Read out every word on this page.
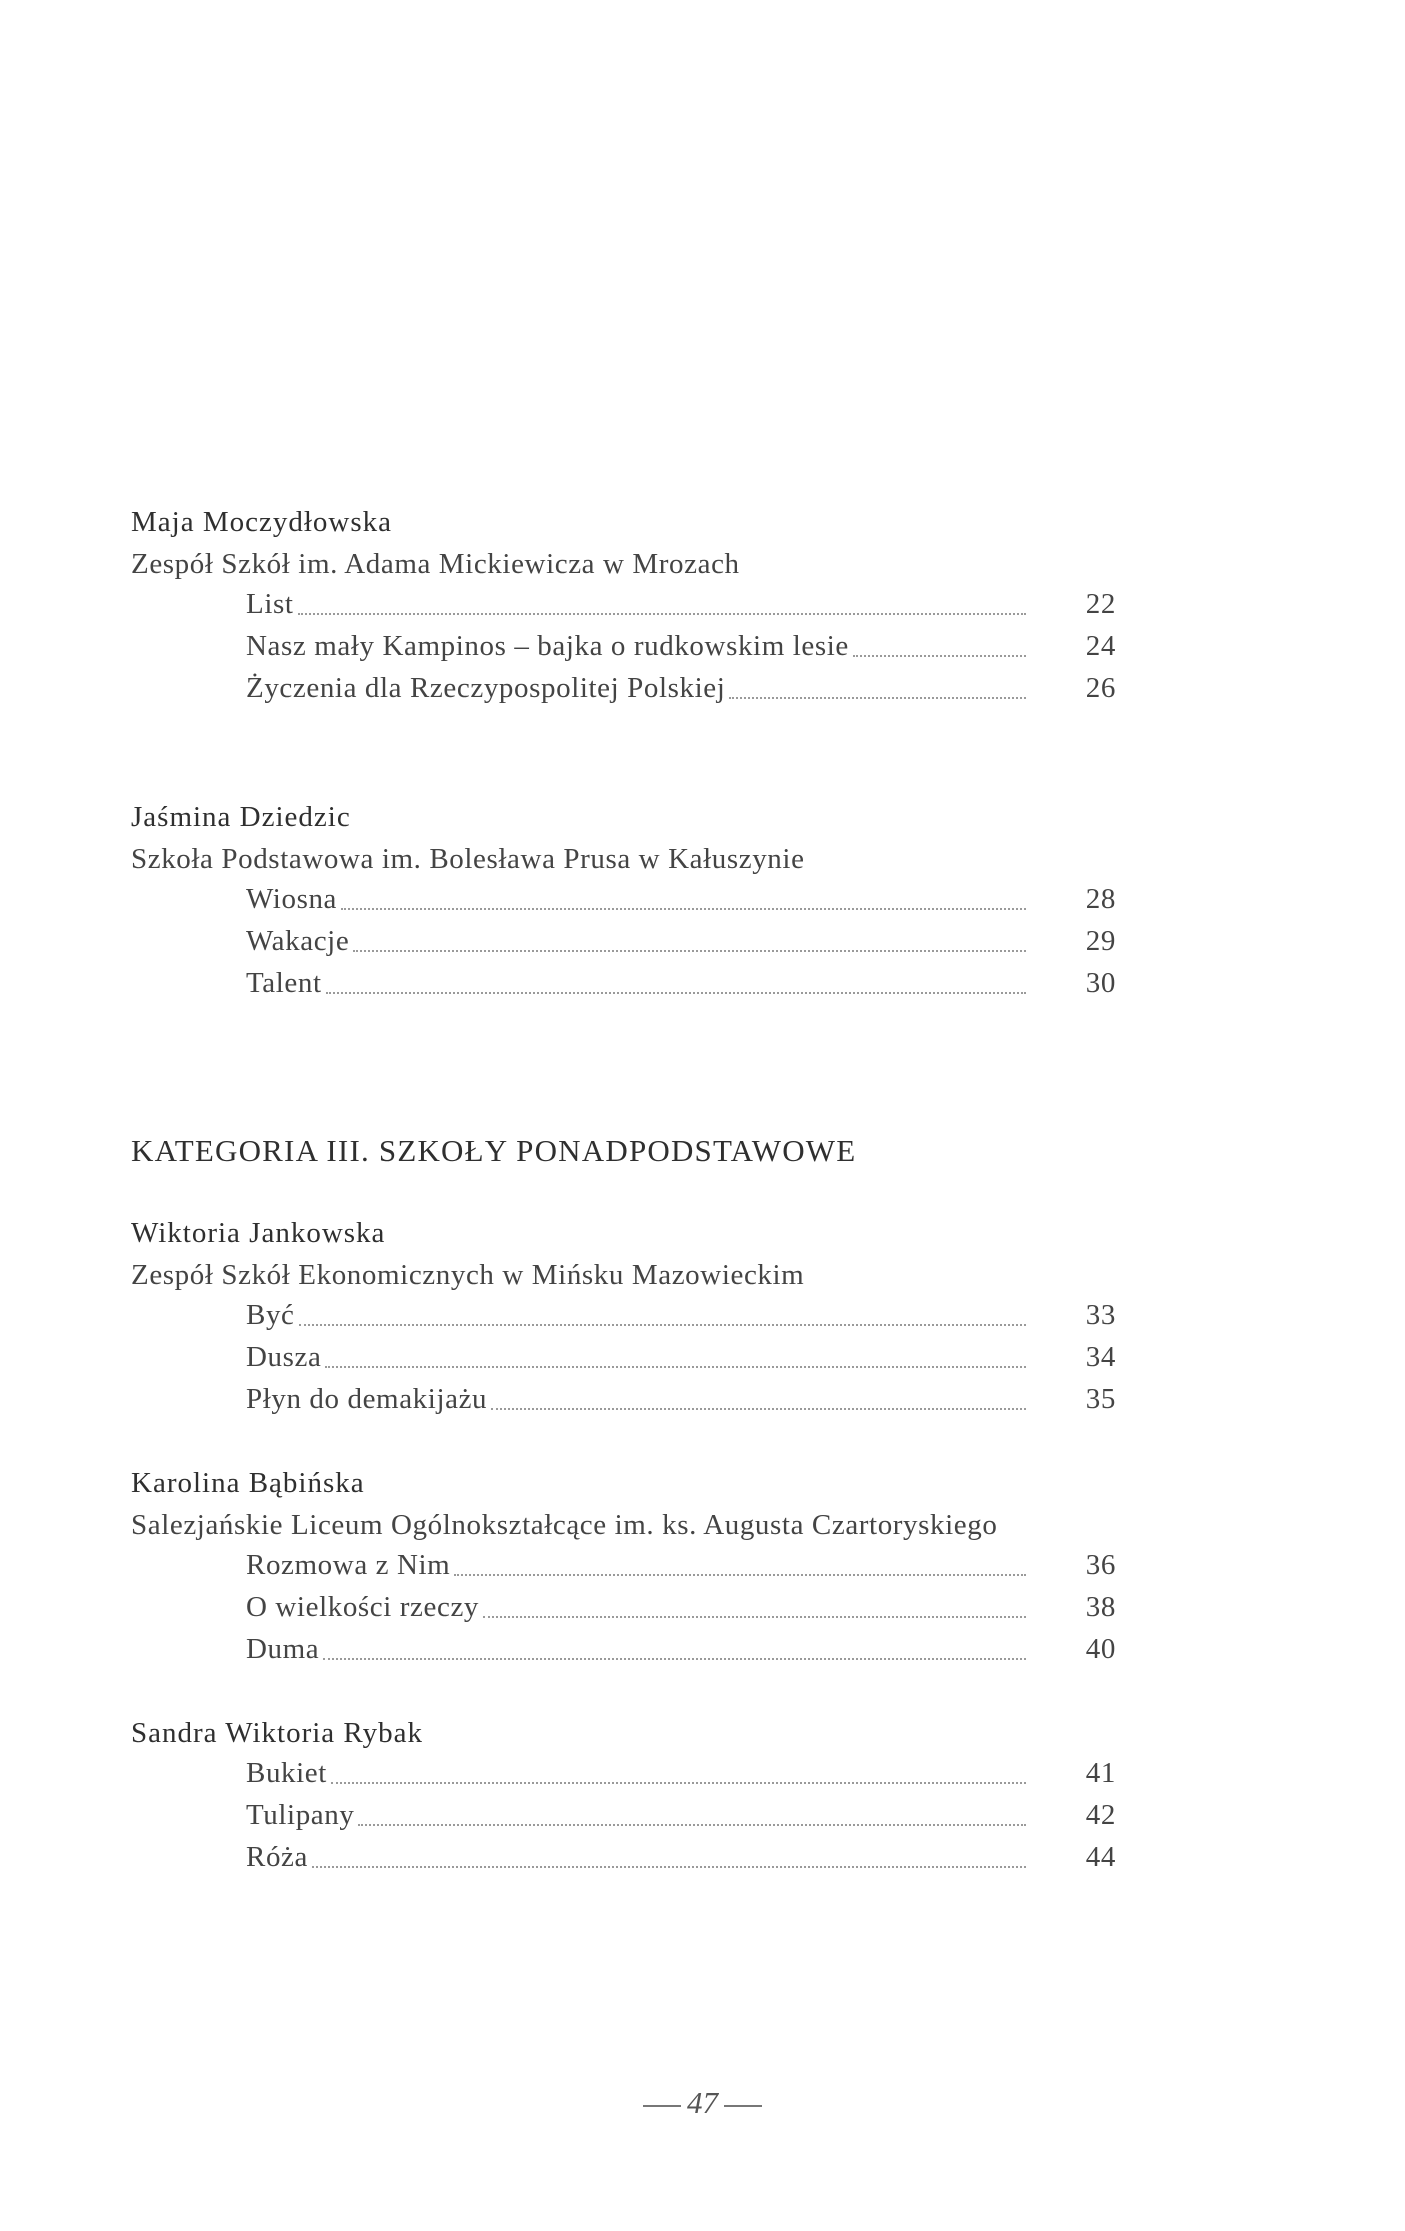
Maja Moczydłowska
Zespół Szkół im. Adama Mickiewicza w Mrozach
List	22
Nasz mały Kampinos – bajka o rudkowskim lesie	24
Życzenia dla Rzeczypospolitej Polskiej	26
Jaśmina Dziedzic
Szkoła Podstawowa im. Bolesława Prusa w Kałuszynie
Wiosna	28
Wakacje	29
Talent	30
KATEGORIA III. SZKOŁY PONADPODSTAWOWE
Wiktoria Jankowska
Zespół Szkół Ekonomicznych w Mińsku Mazowieckim
Być	33
Dusza	34
Płyn do demakijażu	35
Karolina Bąbińska
Salezjańskie Liceum Ogólnokształcące im. ks. Augusta Czartoryskiego
Rozmowa z Nim	36
O wielkości rzeczy	38
Duma	40
Sandra Wiktoria Rybak
Bukiet	41
Tulipany	42
Róża	44
47
